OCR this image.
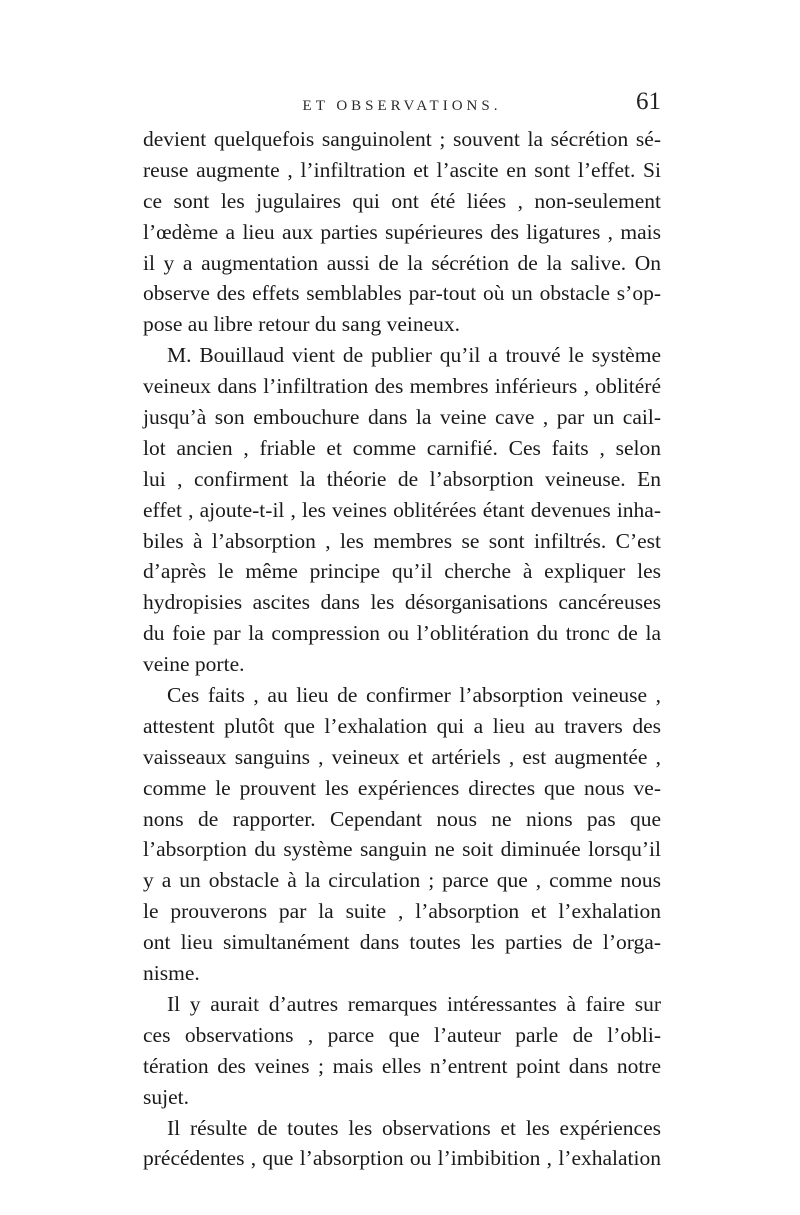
ET OBSERVATIONS.	61
devient quelquefois sanguinolent ; souvent la sécrétion sé-
reuse augmente , l’infiltration et l’ascite en sont l’effet. Si
ce sont les jugulaires qui ont été liées , non-seulement
l’œdème a lieu aux parties supérieures des ligatures , mais
il y a augmentation aussi de la sécrétion de la salive. On
observe des effets semblables par-tout où un obstacle s’op-
pose au libre retour du sang veineux.
M. Bouillaud vient de publier qu’il a trouvé le système
veineux dans l’infiltration des membres inférieurs , oblitéré
jusqu’à son embouchure dans la veine cave , par un cail-
lot ancien , friable et comme carnifié. Ces faits , selon
lui , confirment la théorie de l’absorption veineuse. En
effet , ajoute-t-il , les veines oblitérées étant devenues inha-
biles à l’absorption , les membres se sont infiltrés. C’est
d’après le même principe qu’il cherche à expliquer les
hydropisies ascites dans les désorganisations cancéreuses
du foie par la compression ou l’oblitération du tronc de la
veine porte.
Ces faits , au lieu de confirmer l’absorption veineuse ,
attestent plutôt que l’exhalation qui a lieu au travers des
vaisseaux sanguins , veineux et artériels , est augmentée ,
comme le prouvent les expériences directes que nous ve-
nons de rapporter. Cependant nous ne nions pas que
l’absorption du système sanguin ne soit diminuée lorsqu’il
y a un obstacle à la circulation ; parce que , comme nous
le prouverons par la suite , l’absorption et l’exhalation
ont lieu simultanément dans toutes les parties de l’orga-
nisme.
Il y aurait d’autres remarques intéressantes à faire sur
ces observations , parce que l’auteur parle de l’obli-
tération des veines ; mais elles n’entrent point dans notre
sujet.
Il résulte de toutes les observations et les expériences
précédentes , que l’absorption ou l’imbibition , l’exhalation
